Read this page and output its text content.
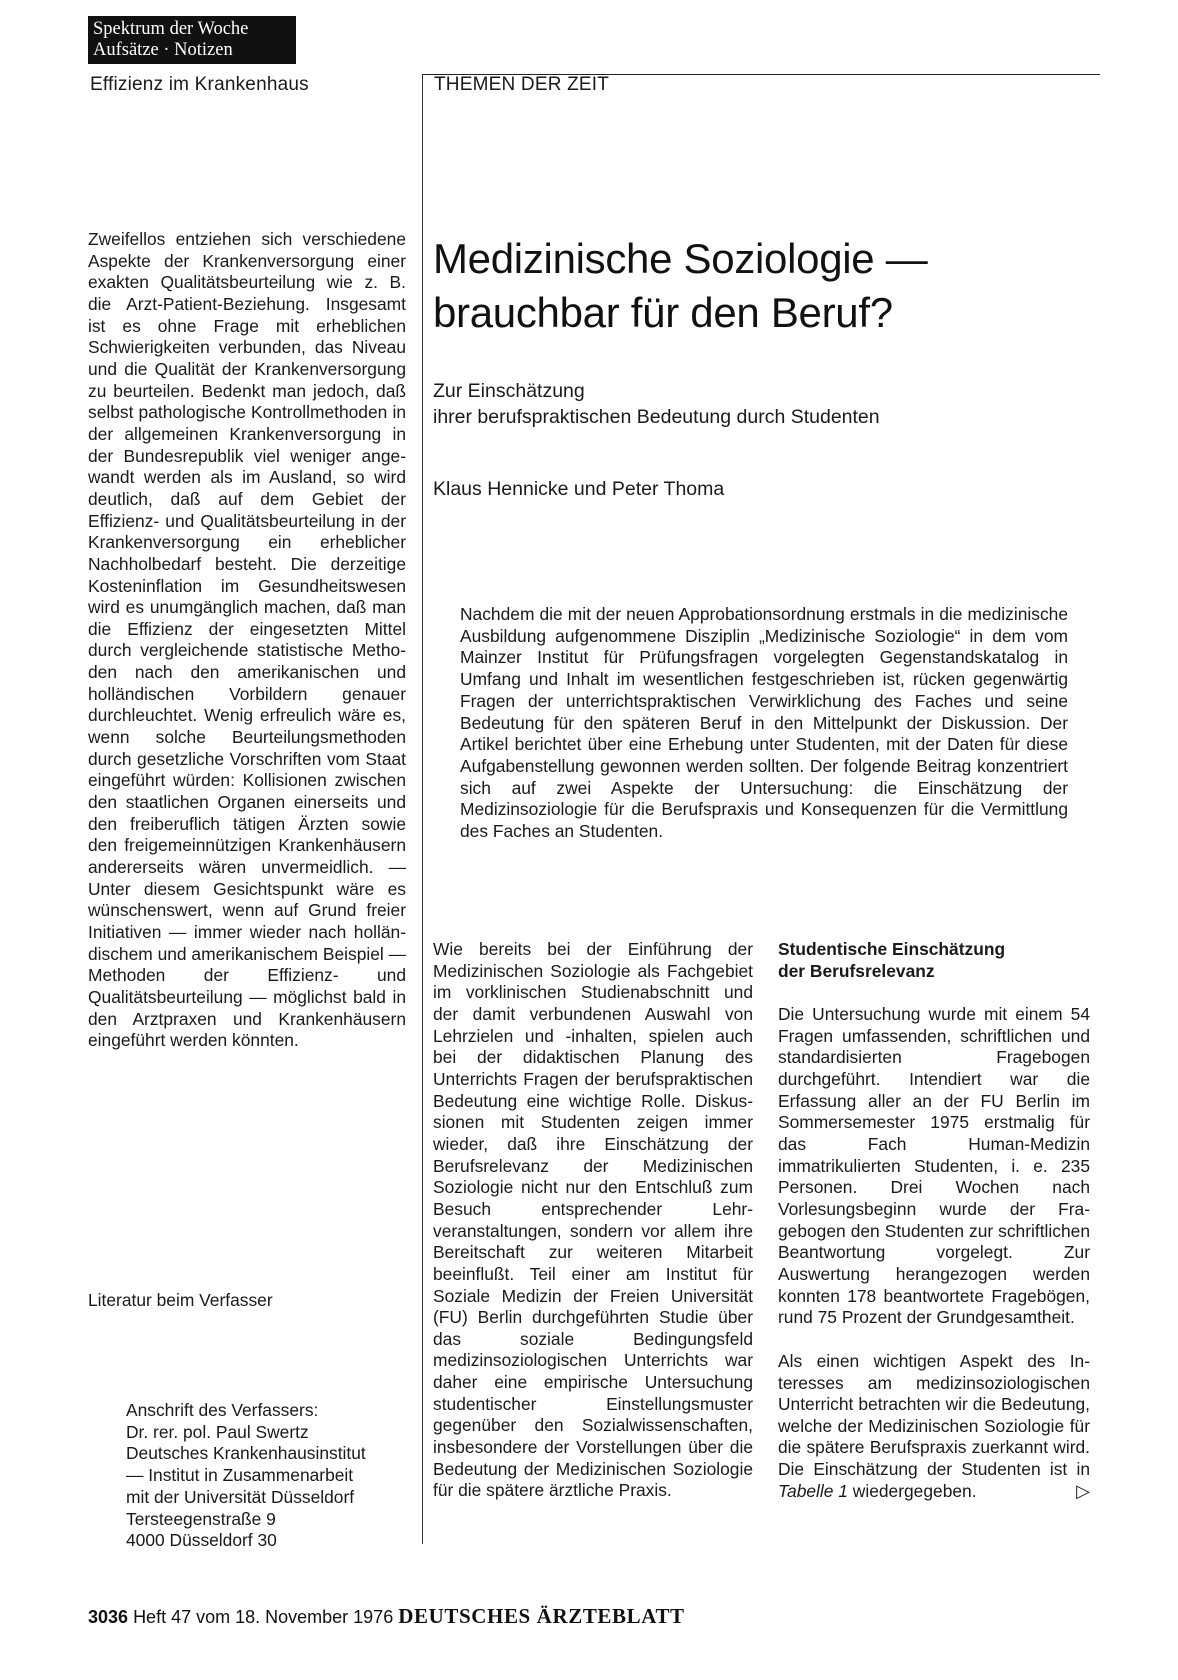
Spektrum der Woche
Aufsätze · Notizen
Effizienz im Krankenhaus	THEMEN DER ZEIT

Zweifellos entziehen sich verschiedene Aspekte der Krankenversorgung einer exakten Qualitätsbeurteilung wie z. B. die Arzt-Patient-Beziehung. Insgesamt ist es ohne Frage mit erheblichen Schwierigkeiten verbunden, das Niveau und die Qualität der Krankenversorgung zu beurteilen. Bedenkt man jedoch, daß selbst pathologische Kontrollmethoden in der allgemeinen Krankenversorgung in der Bundesrepublik viel weniger angewandt werden als im Ausland, so wird deutlich, daß auf dem Gebiet der Effizienz- und Qualitätsbeurteilung in der Krankenversorgung ein erheblicher Nachholbedarf besteht. Die derzeitige Kosteninflation im Gesundheitswesen wird es unumgänglich machen, daß man die Effizienz der eingesetzten Mittel durch vergleichende statistische Methoden nach den amerikanischen und holländischen Vorbildern genauer durchleuchtet. Wenig erfreulich wäre es, wenn solche Beurteilungsmethoden durch gesetzliche Vorschriften vom Staat eingeführt würden: Kollisionen zwischen den staatlichen Organen einerseits und den freiberuflich tätigen Ärzten sowie den freigemeinnützigen Krankenhäusern andererseits wären unvermeidlich. — Unter diesem Gesichtspunkt wäre es wünschenswert, wenn auf Grund freier Initiativen — immer wieder nach holländischem und amerikanischem Beispiel — Methoden der Effizienz- und Qualitätsbeurteilung — möglichst bald in den Arztpraxen und Krankenhäusern eingeführt werden könnten.

Literatur beim Verfasser
Anschrift des Verfassers:
Dr. rer. pol. Paul Swertz
Deutsches Krankenhausinstitut
— Institut in Zusammenarbeit
mit der Universität Düsseldorf
Tersteegenstraße 9
4000 Düsseldorf 30
Medizinische Soziologie —
brauchbar für den Beruf?
Zur Einschätzung
ihrer berufspraktischen Bedeutung durch Studenten
Klaus Hennicke und Peter Thoma

Nachdem die mit der neuen Approbationsordnung erstmals in die medizinische Ausbildung aufgenommene Disziplin „Medizinische Soziologie“ in dem vom Mainzer Institut für Prüfungsfragen vorgelegten Gegenstandskatalog in Umfang und Inhalt im wesentlichen festgeschrieben ist, rücken gegenwärtig Fragen der unterrichtspraktischen Verwirklichung des Faches und seine Bedeutung für den späteren Beruf in den Mittelpunkt der Diskussion. Der Artikel berichtet über eine Erhebung unter Studenten, mit der Daten für diese Aufgabenstellung gewonnen werden sollten. Der folgende Beitrag konzentriert sich auf zwei Aspekte der Untersuchung: die Einschätzung der Medizinsoziologie für die Berufspraxis und Konsequenzen für die Vermittlung des Faches an Studenten.

Wie bereits bei der Einführung der Medizinischen Soziologie als Fachgebiet im vorklinischen Studienabschnitt und der damit verbundenen Auswahl von Lehrzielen und -inhalten, spielen auch bei der didaktischen Planung des Unterrichts Fragen der berufspraktischen Bedeutung eine wichtige Rolle. Diskussionen mit Studenten zeigen immer wieder, daß ihre Einschätzung der Berufsrelevanz der Medizinischen Soziologie nicht nur den Entschluß zum Besuch entsprechender Lehrveranstaltungen, sondern vor allem ihre Bereitschaft zur weiteren Mitarbeit beeinflußt. Teil einer am Institut für Soziale Medizin der Freien Universität (FU) Berlin durchgeführten Studie über das soziale Bedingungsfeld medizinsoziologischen Unterrichts war daher eine empirische Untersuchung studentischer Einstellungsmuster gegenüber den Sozialwissenschaften, insbesondere der Vorstellungen über die Bedeutung der Medizinischen Soziologie für die spätere ärztliche Praxis.

Studentische Einschätzung
der Berufsrelevanz

Die Untersuchung wurde mit einem 54 Fragen umfassenden, schriftlichen und standardisierten Fragebogen durchgeführt. Intendiert war die Erfassung aller an der FU Berlin im Sommersemester 1975 erstmalig für das Fach Human-Medizin immatrikulierten Studenten, i. e. 235 Personen. Drei Wochen nach Vorlesungsbeginn wurde der Fragebogen den Studenten zur schriftlichen Beantwortung vorgelegt. Zur Auswertung herangezogen werden konnten 178 beantwortete Fragebögen, rund 75 Prozent der Grundgesamtheit.

Als einen wichtigen Aspekt des Interesses am medizinsoziologischen Unterricht betrachten wir die Bedeutung, welche der Medizinischen Soziologie für die spätere Berufspraxis zuerkannt wird. Die Einschätzung der Studenten ist in Tabelle 1 wiedergegeben.	▷

3036 Heft 47 vom 18. November 1976 DEUTSCHES ÄRZTEBLATT
